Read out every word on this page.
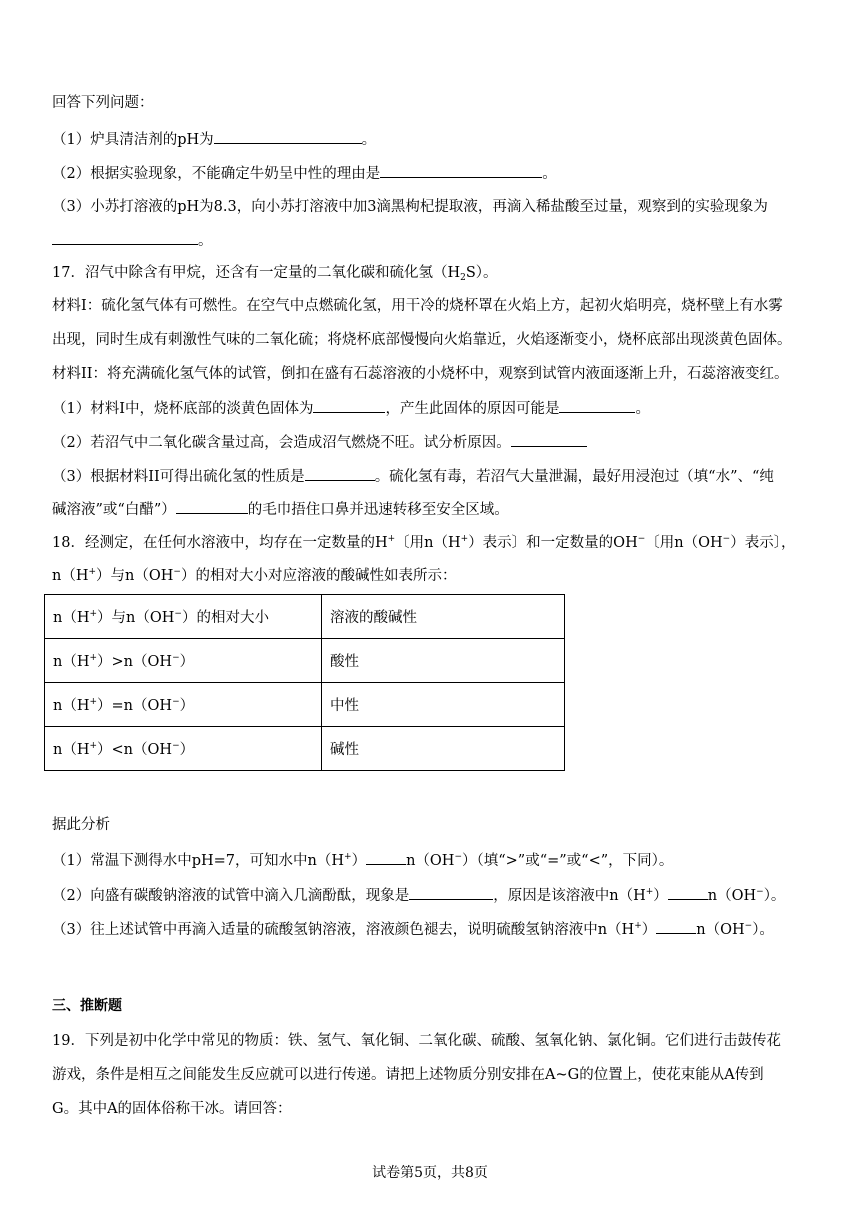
回答下列问题：
（1）炉具清洁剂的pH为	。
（2）根据实验现象，不能确定牛奶呈中性的理由是	。
（3）小苏打溶液的pH为8.3，向小苏打溶液中加3滴黑枸杞提取液，再滴入稀盐酸至过量，观察到的实验现象为
。
17．沼气中除含有甲烷，还含有一定量的二氧化碳和硫化氢$(H_2S)$。
材料I：硫化氢气体有可燃性。在空气中点燃硫化氢，用干冷的烧杯罩在火焰上方，起初火焰明亮，烧杯壁上有水雾
出现，同时生成有刺激性气味的二氧化硫；将烧杯底部慢慢向火焰靠近，火焰逐渐变小，烧杯底部出现淡黄色固体。
材料II：将充满硫化氢气体的试管，倒扣在盛有石蕊溶液的小烧杯中，观察到试管内液面逐渐上升，石蕊溶液变红。
（1）材料I中，烧杯底部的淡黄色固体为	，产生此固体的原因可能是	。
（2）若沼气中二氧化碳含量过高，会造成沼气燃烧不旺。试分析原因。
（3）根据材料II可得出硫化氢的性质是	。硫化氢有毒，若沼气大量泄漏，最好用浸泡过（填“水”、“纯
碱溶液”或“白醋”）	的毛巾捂住口鼻并迅速转移至安全区域。
18．经测定，在任何水溶液中，均存在一定数量的H+〔用n（H+）表示〕和一定数量的OH−〔用n（OH−）表示〕，
n（H+）与n（OH−）的相对大小对应溶液的酸碱性如表所示：
n（H+）与n（OH−）的相对大小	溶液的酸碱性
n（H+）>n（OH−）	酸性
n（H+）=n（OH−）	中性
n（H+）<n（OH−）	碱性
据此分析
（1）常温下测得水中pH=7，可知水中n（H+）	n（OH−）（填“>”或“=”或“<”，下同）。
（2）向盛有碳酸钠溶液的试管中滴入几滴酚酞，现象是	，原因是该溶液中n（H+）	n（OH−）。
（3）往上述试管中再滴入适量的硫酸氢钠溶液，溶液颜色褪去，说明硫酸氢钠溶液中n（H+）	n（OH−）。
三、推断题
19．下列是初中化学中常见的物质：铁、氢气、氧化铜、二氧化碳、硫酸、氢氧化钠、氯化铜。它们进行击鼓传花
游戏，条件是相互之间能发生反应就可以进行传递。请把上述物质分别安排在A~G的位置上，使花束能从A传到
G。其中A的固体俗称干冰。请回答：
试卷第5页，共8页
